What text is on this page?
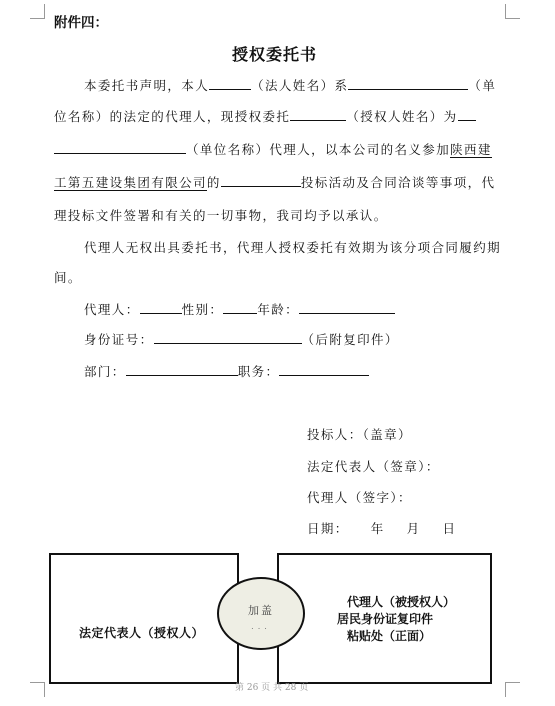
附件四：
授权委托书
本委托书声明，本人	（法人姓名）系	（单
位名称）的法定的代理人，现授权委托	（授权人姓名）为
（单位名称）代理人，以本公司的名义参加陕西建
工第五建设集团有限公司的	投标活动及合同洽谈等事项，代
理投标文件签署和有关的一切事物，我司均予以承认。
代理人无权出具委托书，代理人授权委托有效期为该分项合同履约期
间。
代理人：	性别：	年龄：
身份证号：	（后附复印件）
部门：	职务：
投标人：（盖章）
法定代表人（签章）：
代理人（签字）：
日期： 年 月 日
法定代表人（授权人）
代理人（被授权人）
居民身份证复印件
粘贴处（正面）
加盖
...
第 26 页 共 28 页
